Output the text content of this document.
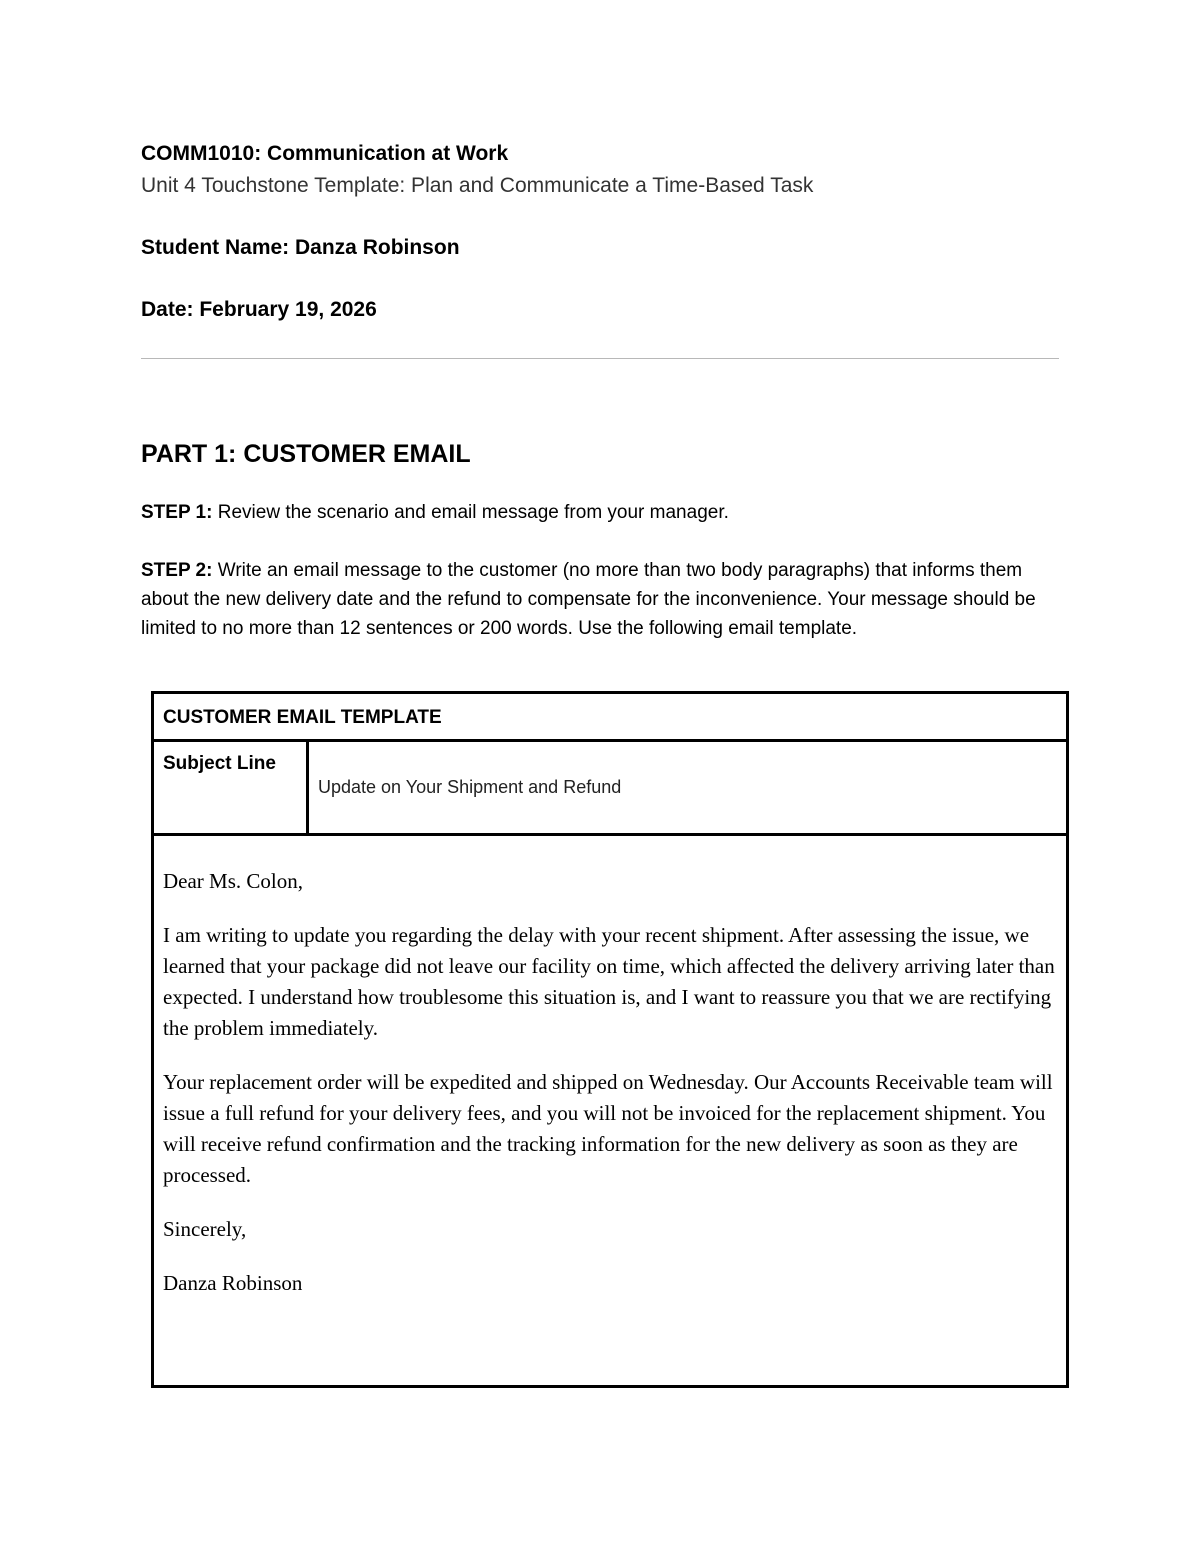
COMM1010: Communication at Work
Unit 4 Touchstone Template: Plan and Communicate a Time-Based Task
Student Name: Danza Robinson
Date: February 19, 2026
PART 1: CUSTOMER EMAIL
STEP 1: Review the scenario and email message from your manager.
STEP 2: Write an email message to the customer (no more than two body paragraphs) that informs them about the new delivery date and the refund to compensate for the inconvenience. Your message should be limited to no more than 12 sentences or 200 words. Use the following email template.
CUSTOMER EMAIL TEMPLATE
Subject Line
Update on Your Shipment and Refund

Dear Ms. Colon,

I am writing to update you regarding the delay with your recent shipment. After assessing the issue, we learned that your package did not leave our facility on time, which affected the delivery arriving later than expected. I understand how troublesome this situation is, and I want to reassure you that we are rectifying the problem immediately.

Your replacement order will be expedited and shipped on Wednesday. Our Accounts Receivable team will issue a full refund for your delivery fees, and you will not be invoiced for the replacement shipment. You will receive refund confirmation and the tracking information for the new delivery as soon as they are processed.

Sincerely,

Danza Robinson
